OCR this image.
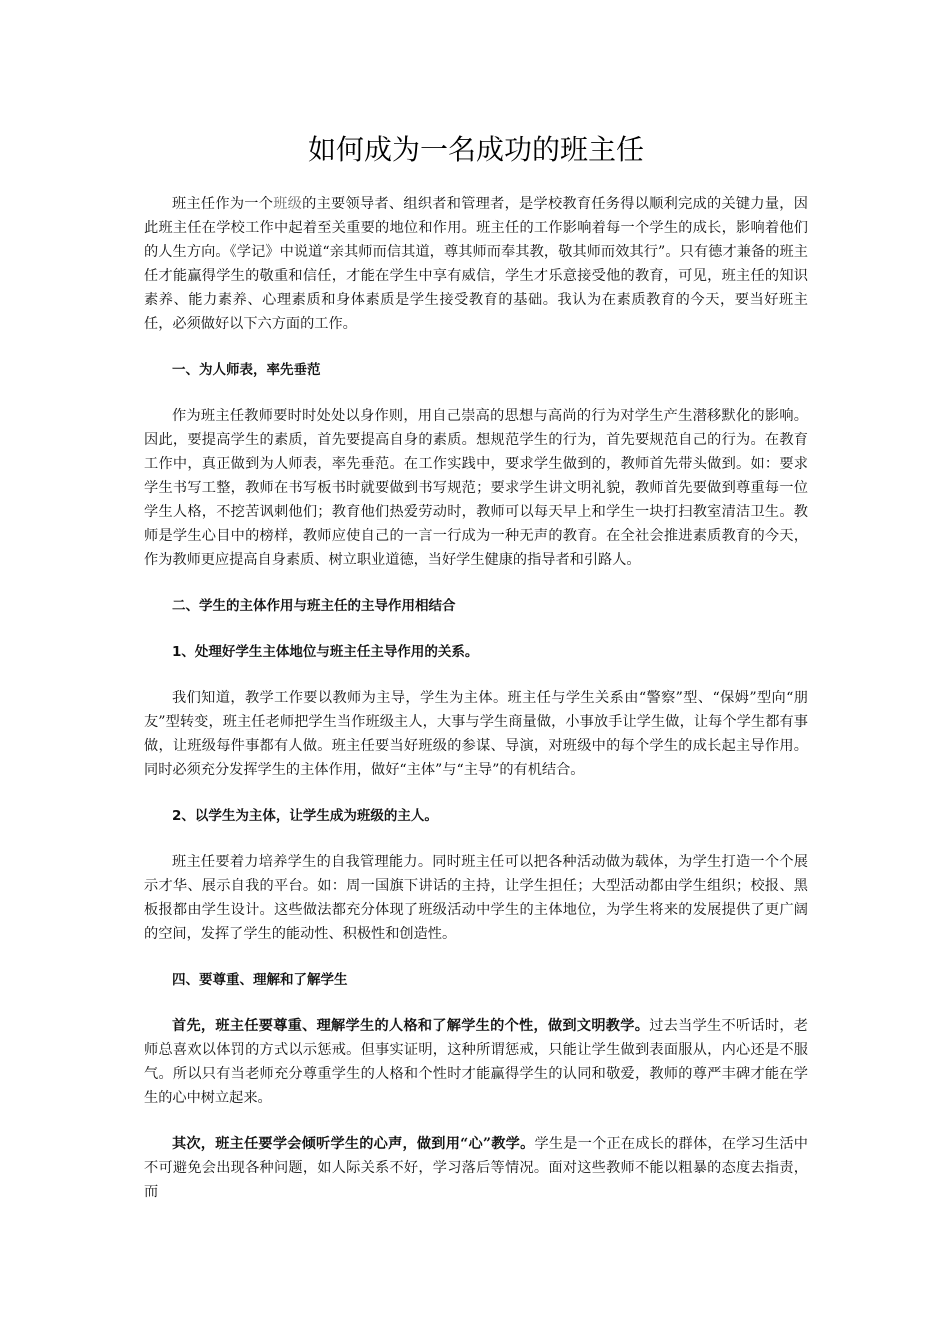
如何成为一名成功的班主任

班主任作为一个班级的主要领导者、组织者和管理者，是学校教育任务得以顺利完成的关键力量，因此班主任在学校工作中起着至关重要的地位和作用。班主任的工作影响着每一个学生的成长，影响着他们的人生方向。《学记》中说道“亲其师而信其道，尊其师而奉其教，敬其师而效其行”。只有德才兼备的班主任才能赢得学生的敬重和信任，才能在学生中享有威信，学生才乐意接受他的教育，可见，班主任的知识素养、能力素养、心理素质和身体素质是学生接受教育的基础。我认为在素质教育的今天，要当好班主任，必须做好以下六方面的工作。

一、为人师表，率先垂范

作为班主任教师要时时处处以身作则，用自己崇高的思想与高尚的行为对学生产生潜移默化的影响。因此，要提高学生的素质，首先要提高自身的素质。想规范学生的行为，首先要规范自己的行为。在教育工作中，真正做到为人师表，率先垂范。在工作实践中，要求学生做到的，教师首先带头做到。如：要求学生书写工整，教师在书写板书时就要做到书写规范；要求学生讲文明礼貌，教师首先要做到尊重每一位学生人格，不挖苦讽刺他们；教育他们热爱劳动时，教师可以每天早上和学生一块打扫教室清洁卫生。教师是学生心目中的榜样，教师应使自己的一言一行成为一种无声的教育。在全社会推进素质教育的今天，作为教师更应提高自身素质、树立职业道德，当好学生健康的指导者和引路人。

二、学生的主体作用与班主任的主导作用相结合

1、处理好学生主体地位与班主任主导作用的关系。

我们知道，教学工作要以教师为主导，学生为主体。班主任与学生关系由“警察”型、“保姆”型向“朋友”型转变，班主任老师把学生当作班级主人，大事与学生商量做，小事放手让学生做，让每个学生都有事做，让班级每件事都有人做。班主任要当好班级的参谋、导演，对班级中的每个学生的成长起主导作用。同时必须充分发挥学生的主体作用，做好“主体”与“主导”的有机结合。

2、以学生为主体，让学生成为班级的主人。

班主任要着力培养学生的自我管理能力。同时班主任可以把各种活动做为载体，为学生打造一个个展示才华、展示自我的平台。如：周一国旗下讲话的主持，让学生担任；大型活动都由学生组织；校报、黑板报都由学生设计。这些做法都充分体现了班级活动中学生的主体地位，为学生将来的发展提供了更广阔的空间，发挥了学生的能动性、积极性和创造性。

四、要尊重、理解和了解学生

首先，班主任要尊重、理解学生的人格和了解学生的个性，做到文明教学。过去当学生不听话时，老师总喜欢以体罚的方式以示惩戒。但事实证明，这种所谓惩戒，只能让学生做到表面服从，内心还是不服气。所以只有当老师充分尊重学生的人格和个性时才能赢得学生的认同和敬爱，教师的尊严丰碑才能在学生的心中树立起来。

其次，班主任要学会倾听学生的心声，做到用“心”教学。学生是一个正在成长的群体，在学习生活中不可避免会出现各种问题，如人际关系不好，学习落后等情况。面对这些教师不能以粗暴的态度去指责，而
